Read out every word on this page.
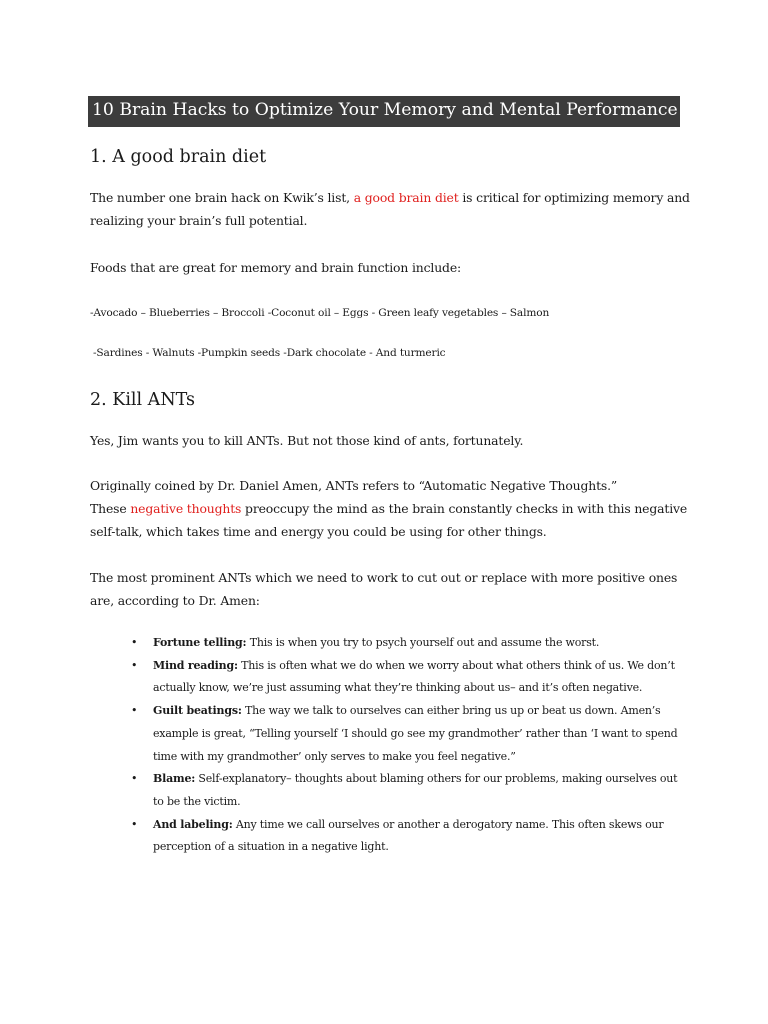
10 Brain Hacks to Optimize Your Memory and Mental Performance
1. A good brain diet

The number one brain hack on Kwik’s list, a good brain diet is critical for optimizing memory and

realizing your brain’s full potential.

Foods that are great for memory and brain function include:

-Avocado – Blueberries – Broccoli -Coconut oil – Eggs - Green leafy vegetables – Salmon

-Sardines - Walnuts -Pumpkin seeds -Dark chocolate - And turmeric

2. Kill ANTs

Yes, Jim wants you to kill ANTs. But not those kind of ants, fortunately.

Originally coined by Dr. Daniel Amen, ANTs refers to “Automatic Negative Thoughts.”

These negative thoughts preoccupy the mind as the brain constantly checks in with this negative

self-talk, which takes time and energy you could be using for other things.

The most prominent ANTs which we need to work to cut out or replace with more positive ones

are, according to Dr. Amen:

• Fortune telling: This is when you try to psych yourself out and assume the worst.
• Mind reading: This is often what we do when we worry about what others think of us. We don’t
actually know, we’re just assuming what they’re thinking about us– and it’s often negative.
• Guilt beatings: The way we talk to ourselves can either bring us up or beat us down. Amen’s
example is great, “Telling yourself ‘I should go see my grandmother’ rather than ‘I want to spend
time with my grandmother’ only serves to make you feel negative.”
• Blame: Self-explanatory– thoughts about blaming others for our problems, making ourselves out
to be the victim.
• And labeling: Any time we call ourselves or another a derogatory name. This often skews our
perception of a situation in a negative light.
